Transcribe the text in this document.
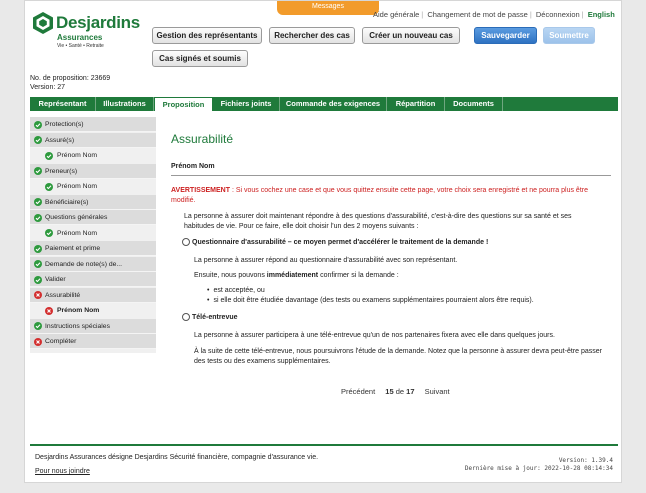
Desjardins
Assurances
Vie • Santé • Retraite
Messages
Aide générale | Changement de mot de passe | Déconnexion | English
Gestion des représentants	Rechercher des cas	Créer un nouveau cas	Sauvegarder	Soumettre
Cas signés et soumis
No. de proposition: 23669
Version: 27
Représentant	Illustrations	Proposition	Fichiers joints	Commande des exigences	Répartition	Documents
Protection(s)
Assuré(s)
Prénom Nom
Preneur(s)
Prénom Nom
Bénéficiaire(s)
Questions générales
Prénom Nom
Paiement et prime
Demande de note(s) de...
Valider
Assurabilité
Prénom Nom
Instructions spéciales
Compléter
Assurabilité
Prénom Nom
AVERTISSEMENT : Si vous cochez une case et que vous quittez ensuite cette page, votre choix sera enregistré et ne pourra plus être modifié.
La personne à assurer doit maintenant répondre à des questions d'assurabilité, c'est-à-dire des questions sur sa santé et ses habitudes de vie. Pour ce faire, elle doit choisir l'un des 2 moyens suivants :
Questionnaire d'assurabilité – ce moyen permet d'accélérer le traitement de la demande !
La personne à assurer répond au questionnaire d'assurabilité avec son représentant.
Ensuite, nous pouvons immédiatement confirmer si la demande :
• est acceptée, ou
• si elle doit être étudiée davantage (des tests ou examens supplémentaires pourraient alors être requis).
Télé-entrevue
La personne à assurer participera à une télé-entrevue qu'un de nos partenaires fixera avec elle dans quelques jours.
À la suite de cette télé-entrevue, nous poursuivrons l'étude de la demande. Notez que la personne à assurer devra peut-être passer des tests ou des examens supplémentaires.
Précédent 15 de 17 Suivant
Desjardins Assurances désigne Desjardins Sécurité financière, compagnie d'assurance vie.
Pour nous joindre
Version: 1.39.4
Dernière mise à jour: 2022-10-28 08:14:34
